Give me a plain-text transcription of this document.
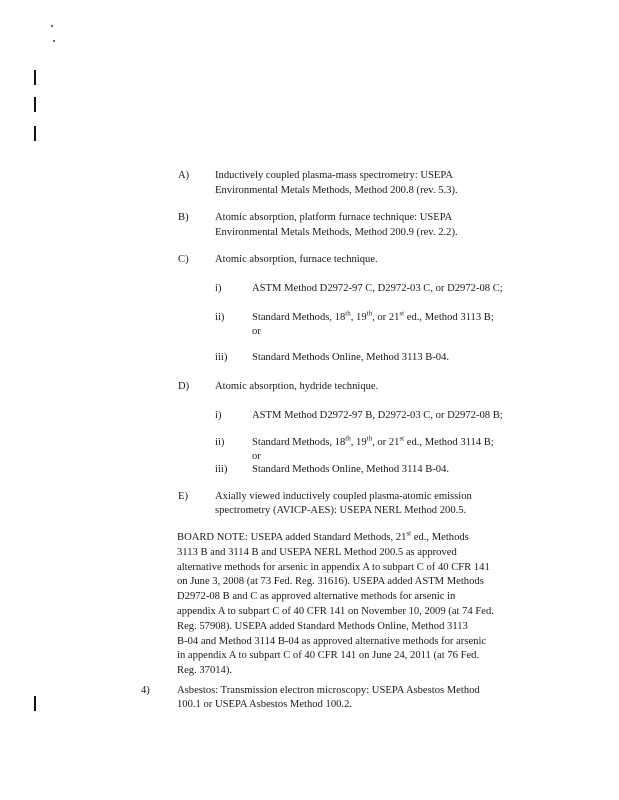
A) Inductively coupled plasma-mass spectrometry: USEPA
Environmental Metals Methods, Method 200.8 (rev. 5.3).
B) Atomic absorption, platform furnace technique: USEPA
Environmental Metals Methods, Method 200.9 (rev. 2.2).
C) Atomic absorption, furnace technique.
i)	ASTM Method D2972-97 C, D2972-03 C, or D2972-08 C;
ii)	Standard Methods, 18th, 19th, or 21st ed., Method 3113 B;
or
iii) Standard Methods Online, Method 3113 B-04.
D) Atomic absorption, hydride technique.
i)	ASTM Method D2972-97 B, D2972-03 C, or D2972-08 B;
ii)	Standard Methods, 18th, 19th, or 21st ed., Method 3114 B;
or
iii) Standard Methods Online, Method 3114 B-04.
E)	Axially viewed inductively coupled plasma-atomic emission
spectrometry (AVICP-AES): USEPA NERL Method 200.5.
BOARD NOTE: USEPA added Standard Methods, 21st ed., Methods
3113 B and 3114 B and USEPA NERL Method 200.5 as approved
alternative methods for arsenic in appendix A to subpart C of 40 CFR 141
on June 3, 2008 (at 73 Fed. Reg. 31616). USEPA added ASTM Methods
D2972-08 B and C as approved alternative methods for arsenic in
appendix A to subpart C of 40 CFR 141 on November 10, 2009 (at 74 Fed.
Reg. 57908). USEPA added Standard Methods Online, Method 3113
B-04 and Method 3114 B-04 as approved alternative methods for arsenic
in appendix A to subpart C of 40 CFR 141 on June 24, 2011 (at 76 Fed.
Reg. 37014).
4)	Asbestos: Transmission electron microscopy: USEPA Asbestos Method
100.1 or USEPA Asbestos Method 100.2.
